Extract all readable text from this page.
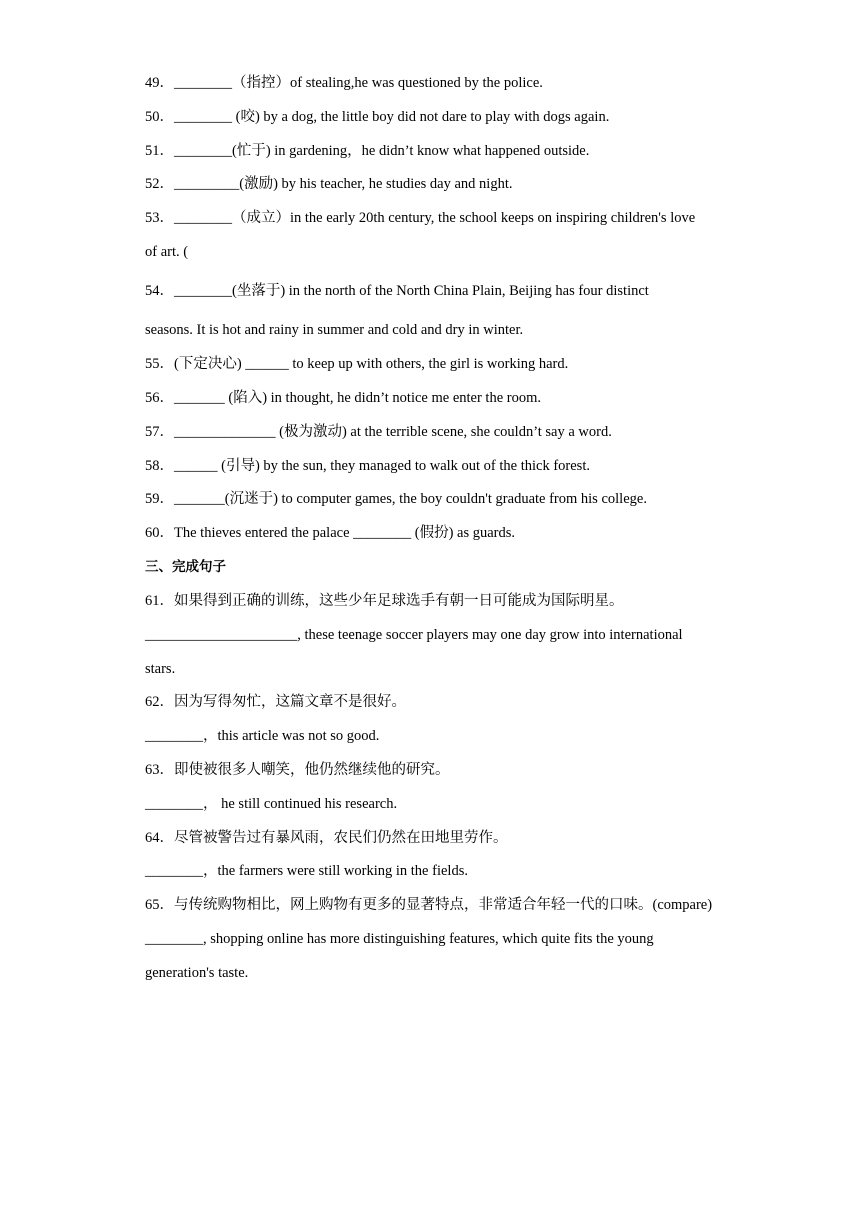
49．________（指控）of stealing,he was questioned by the police.
50．________ (咬) by a dog, the little boy did not dare to play with dogs again.
51．________(忙于) in gardening，he didn’t know what happened outside.
52．_________(激励) by his teacher, he studies day and night.
53．________（成立）in the early 20th century, the school keeps on inspiring children's love
of art. (
54．________(坐落于) in the north of the North China Plain, Beijing has four distinct
seasons. It is hot and rainy in summer and cold and dry in winter.
55．(下定决心) ______ to keep up with others, the girl is working hard.
56．_______ (陷入) in thought, he didn’t notice me enter the room.
57．______________ (极为激动) at the terrible scene, she couldn’t say a word.
58．______ (引导) by the sun, they managed to walk out of the thick forest.
59．_______(沉迷于) to computer games, the boy couldn't graduate from his college.
60．The thieves entered the palace ________ (假扮) as guards.
三、完成句子
61．如果得到正确的训练，这些少年足球选手有朝一日可能成为国际明星。
_____________________, these teenage soccer players may one day grow into international
stars.
62．因为写得匆忙，这篇文章不是很好。
________，this article was not so good.
63．即使被很多人嘲笑，他仍然继续他的研究。
________， he still continued his research.
64．尽管被警告过有暴风雨，农民们仍然在田地里劳作。
________，the farmers were still working in the fields.
65．与传统购物相比，网上购物有更多的显著特点，非常适合年轻一代的口味。(compare)
________, shopping online has more distinguishing features, which quite fits the young
generation's taste.
